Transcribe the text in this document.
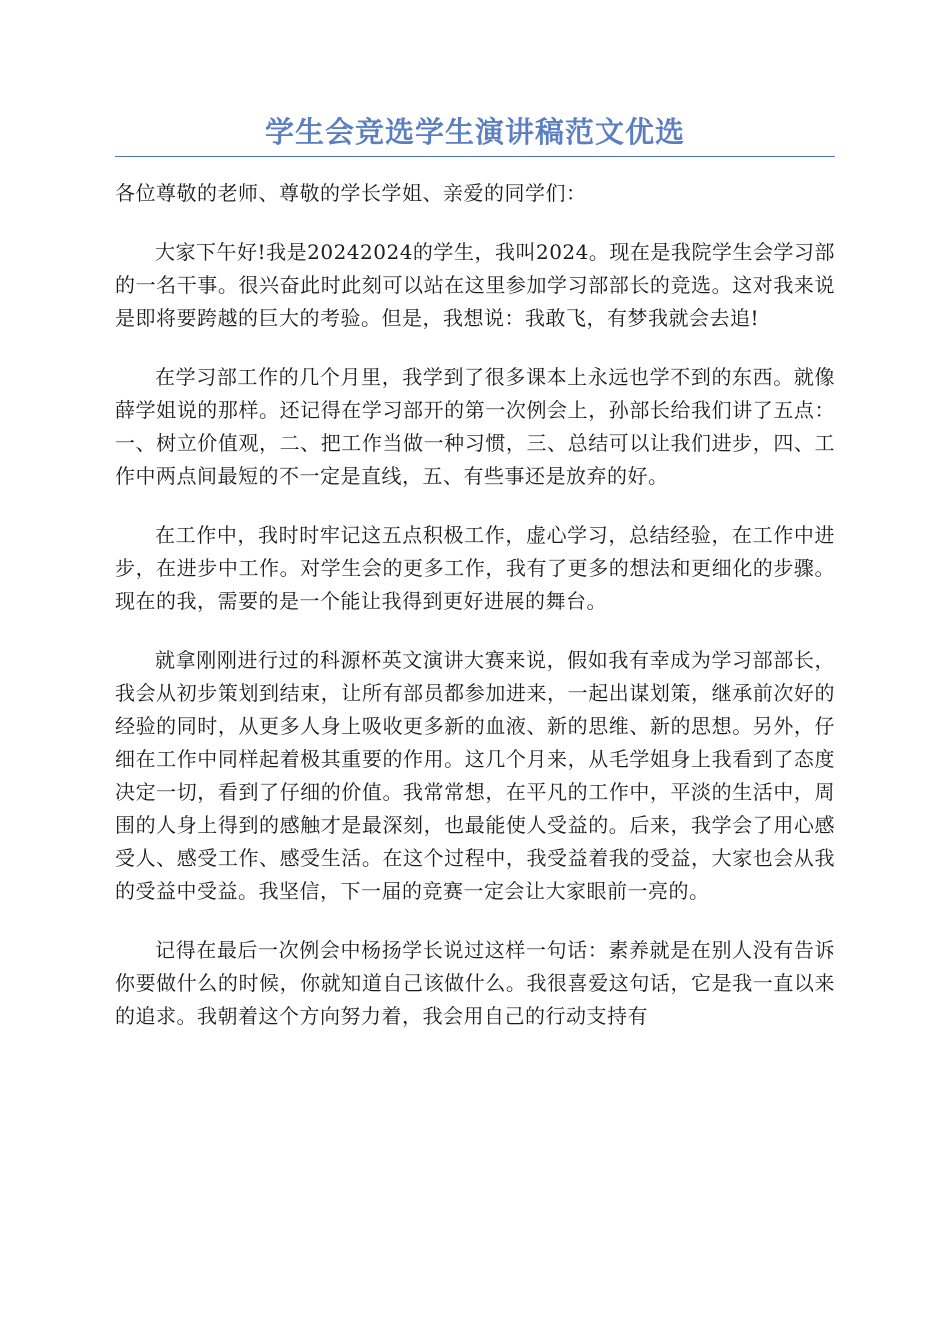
学生会竞选学生演讲稿范文优选

各位尊敬的老师、尊敬的学长学姐、亲爱的同学们：

大家下午好!我是20242024的学生，我叫2024。现在是我院学生会学习部的一名干事。很兴奋此时此刻可以站在这里参加学习部部长的竞选。这对我来说是即将要跨越的巨大的考验。但是，我想说：我敢飞，有梦我就会去追!

在学习部工作的几个月里，我学到了很多课本上永远也学不到的东西。就像薛学姐说的那样。还记得在学习部开的第一次例会上，孙部长给我们讲了五点：一、树立价值观，二、把工作当做一种习惯，三、总结可以让我们进步，四、工作中两点间最短的不一定是直线，五、有些事还是放弃的好。

在工作中，我时时牢记这五点积极工作，虚心学习，总结经验，在工作中进步，在进步中工作。对学生会的更多工作，我有了更多的想法和更细化的步骤。现在的我，需要的是一个能让我得到更好进展的舞台。

就拿刚刚进行过的科源杯英文演讲大赛来说，假如我有幸成为学习部部长，我会从初步策划到结束，让所有部员都参加进来，一起出谋划策，继承前次好的经验的同时，从更多人身上吸收更多新的血液、新的思维、新的思想。另外，仔细在工作中同样起着极其重要的作用。这几个月来，从毛学姐身上我看到了态度决定一切，看到了仔细的价值。我常常想，在平凡的工作中，平淡的生活中，周围的人身上得到的感触才是最深刻，也最能使人受益的。后来，我学会了用心感受人、感受工作、感受生活。在这个过程中，我受益着我的受益，大家也会从我的受益中受益。我坚信，下一届的竞赛一定会让大家眼前一亮的。

记得在最后一次例会中杨扬学长说过这样一句话：素养就是在别人没有告诉你要做什么的时候，你就知道自己该做什么。我很喜爱这句话，它是我一直以来的追求。我朝着这个方向努力着，我会用自己的行动支持有
